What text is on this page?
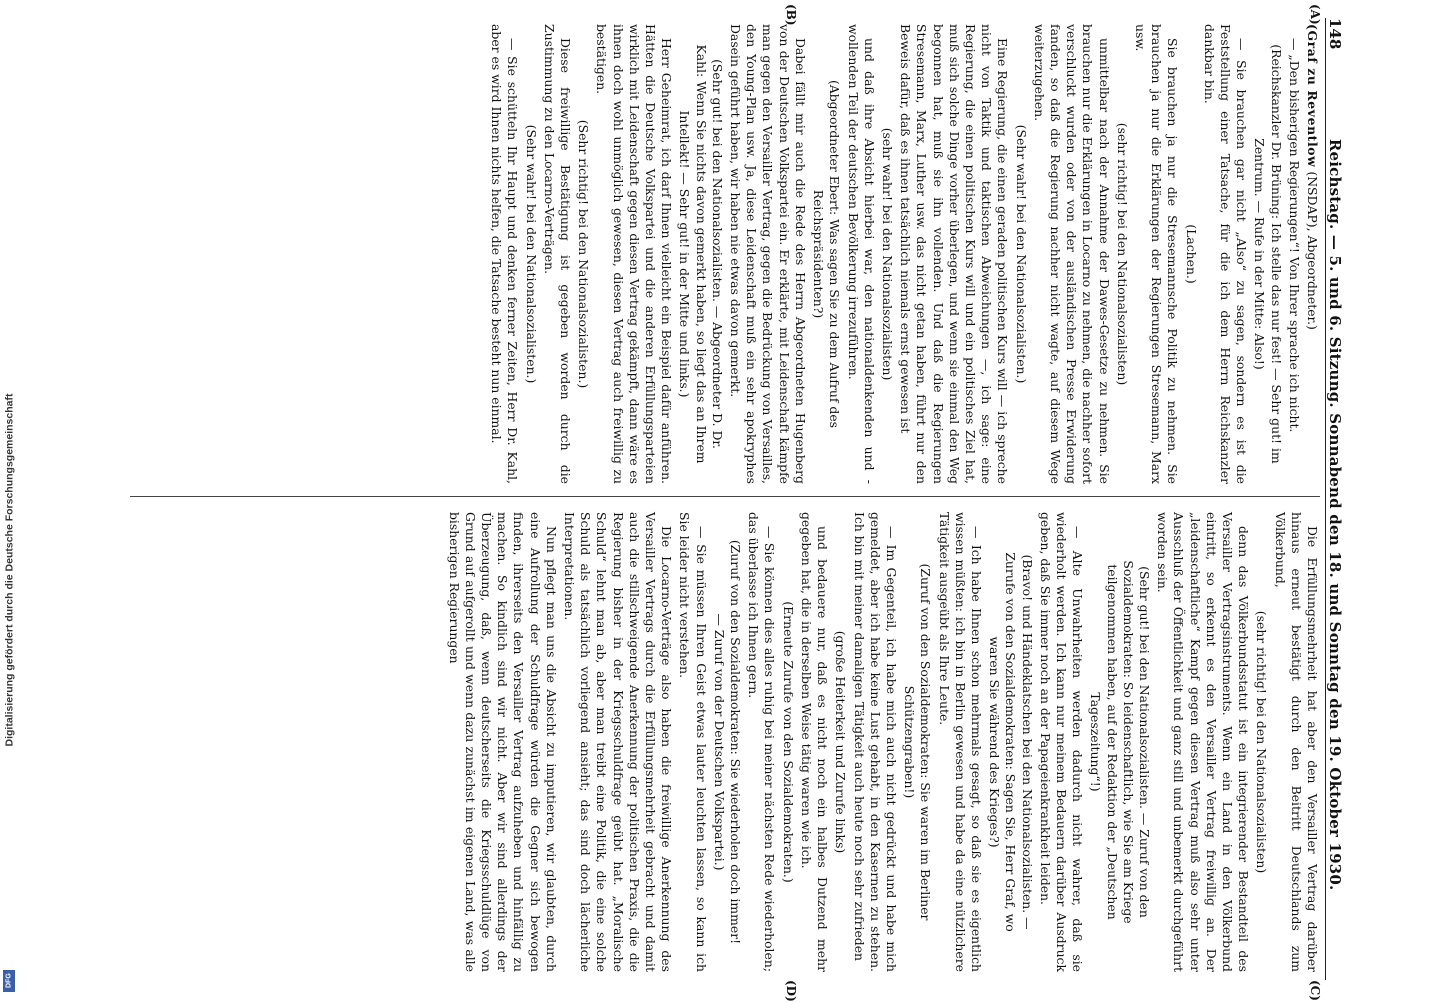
148
Reichstag. — 5. und 6. Sitzung. Sonnabend den 18. und Sonntag den 19. Oktober 1930.
(A)
(B)
(C)
(D)

(Graf zu Reventlow (NSDAP), Abgeordneter.)

— „Den bisherigen Regierungen“! Von Ihrer sprache ich nicht.

(Reichskanzler Dr. Brüning: Ich stelle das nur fest! — Sehr gut! im Zentrum. — Rufe in der Mitte: Also!)

— Sie brauchen gar nicht „Also“ zu sagen, sondern es ist die Feststellung einer Tatsache, für die ich dem Herrn Reichskanzler dankbar bin.

(Lachen.)

Sie brauchen ja nur die Stresemannsche Politik zu nehmen. Sie brauchen ja nur die Erklärungen der Regierungen Stresemann, Marx usw.

(sehr richtig! bei den Nationalsozialisten)

unmittelbar nach der Annahme der Dawes-Gesetze zu nehmen. Sie brauchen nur die Erklärungen in Locarno zu nehmen, die nachher sofort verschluckt wurden oder von der ausländischen Presse Erwiderung fanden, so daß die Regierung nachher nicht wagte, auf diesem Wege weiterzugehen.

(Sehr wahr! bei den Nationalsozialisten.)

Eine Regierung, die einen geraden politischen Kurs will — ich spreche nicht von Taktik und taktischen Abweichungen —, ich sage: eine Regierung, die einen politischen Kurs will und ein politisches Ziel hat, muß sich solche Dinge vorher überlegen, und wenn sie einmal den Weg begonnen hat, muß sie ihn vollenden. Und daß die Regierungen Stresemann, Marx, Luther usw. das nicht getan haben, führt nur den Beweis dafür, daß es ihnen tatsächlich niemals ernst gewesen ist

(sehr wahr! bei den Nationalsozialisten)

und daß ihre Absicht hierbei war, den nationaldenkenden und -wollenden Teil der deutschen Bevölkerung irrezuführen.

(Abgeordneter Ebert: Was sagen Sie zu dem Aufruf des Reichspräsidenten?)

Dabei fällt mir auch die Rede des Herrn Abgeordneten Hugenberg von der Deutschen Volkspartei ein. Er erklärte, mit Leidenschaft kämpfe man gegen den Versailler Vertrag, gegen die Bedrückung von Versailles, den Young-Plan usw. Ja, diese Leidenschaft muß ein sehr apokryphes Dasein geführt haben, wir haben nie etwas davon gemerkt.

(Sehr gut! bei den Nationalsozialisten. — Abgeordneter D. Dr. Kahl: Wenn Sie nichts davon gemerkt haben, so liegt das an Ihrem Intellekt! — Sehr gut! in der Mitte und links.)

Herr Geheimrat, ich darf Ihnen vielleicht ein Beispiel dafür anführen. Hätten die Deutsche Volkspartei und die anderen Erfüllungsparteien wirklich mit Leidenschaft gegen diesen Vertrag gekämpft, dann wäre es ihnen doch wohl unmöglich gewesen, diesen Vertrag auch freiwillig zu bestätigen.

(Sehr richtig! bei den Nationalsozialisten.)

Diese freiwillige Bestätigung ist gegeben worden durch die Zustimmung zu den Locarno-Verträgen.

(Sehr wahr! bei den Nationalsozialisten.)

— Sie schütteln Ihr Haupt und denken ferner Zeiten, Herr Dr. Kahl, aber es wird Ihnen nichts helfen, die Tatsache besteht nun einmal.

Die Erfüllungsmehrheit hat aber den Versailler Vertrag darüber hinaus erneut bestätigt durch den Beitritt Deutschlands zum Völkerbund,

(sehr richtig! bei den Nationalsozialisten)

denn das Völkerbundsstatut ist ein integrierender Bestandteil des Versailler Vertragsinstruments. Wenn ein Land in den Völkerbund eintritt, so erkennt es den Versailler Vertrag freiwillig an. Der „leidenschaftliche“ Kampf gegen diesen Vertrag muß also sehr unter Ausschluß der Öffentlichkeit und ganz still und unbemerkt durchgeführt worden sein.

(Sehr gut! bei den Nationalsozialisten. — Zuruf von den Sozialdemokraten: So leidenschaftlich, wie Sie am Kriege teilgenommen haben, auf der Redaktion der „Deutschen Tageszeitung“!)

— Alte Unwahrheiten werden dadurch nicht wahrer, daß sie wiederholt werden. Ich kann nur meinem Bedauern darüber Ausdruck geben, daß Sie immer noch an der Papageienkrankheit leiden.

(Bravo! und Händeklatschen bei den Nationalsozialisten. — Zurufe von den Sozialdemokraten: Sagen Sie, Herr Graf, wo waren Sie während des Krieges?)

— Ich habe Ihnen schon mehrmals gesagt, so daß sie es eigentlich wissen müßten: ich bin in Berlin gewesen und habe da eine nützlichere Tätigkeit ausgeübt als Ihre Leute.

(Zuruf von den Sozialdemokraten: Sie waren im Berliner Schützengraben!)

— Im Gegenteil, ich habe mich auch nicht gedrückt und habe mich gemeldet, aber ich habe keine Lust gehabt, in den Kasernen zu stehen. Ich bin mit meiner damaligen Tätigkeit auch heute noch sehr zufrieden

(große Heiterkeit und Zurufe links)

und bedauere nur, daß es nicht noch ein halbes Dutzend mehr gegeben hat, die in derselben Weise tätig waren wie ich.

(Erneute Zurufe von den Sozialdemokraten.)

— Sie können dies alles ruhig bei meiner nächsten Rede wiederholen; das überlasse ich Ihnen gern.

(Zuruf von den Sozialdemokraten: Sie wiederholen doch immer! — Zuruf von der Deutschen Volkspartei.)

— Sie müssen Ihren Geist etwas lauter leuchten lassen, so kann ich Sie leider nicht verstehen.

Die Locarno-Verträge also haben die freiwillige Anerkennung des Versailler Vertrags durch die Erfüllungsmehrheit gebracht und damit auch die stillschweigende Anerkennung der politischen Praxis, die die Regierung bisher in der Kriegsschuldfrage geübt hat. „Moralische Schuld“ lehnt man ab, aber man treibt eine Politik, die eine solche Schuld als tatsächlich vorliegend ansieht; das sind doch lächerliche Interpretationen.

Nun pflegt man uns die Absicht zu imputieren, wir glaubten, durch eine Aufrollung der Schuldfrage würden die Gegner sich bewogen finden, ihrerseits den Versailler Vertrag aufzuheben und hinfällig zu machen. So kindlich sind wir nicht. Aber wir sind allerdings der Überzeugung, daß, wenn deutscherseits die Kriegsschuldlüge von Grund auf aufgerollt und wenn dazu zunächst im eigenen Land, was alle bisherigen Regierungen

Digitalisierung gefördert durch die Deutsche Forschungsgemeinschaft
DFG
